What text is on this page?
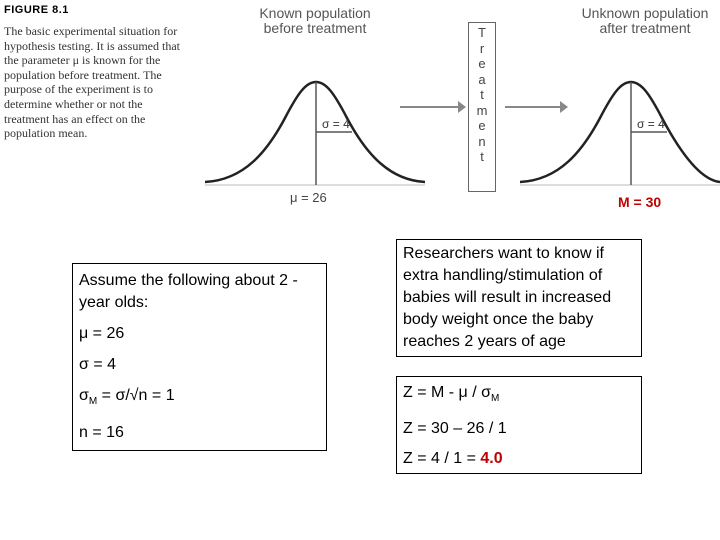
FIGURE 8.1
The basic experimental situation for hypothesis testing. It is assumed that the parameter μ is known for the population before treatment. The purpose of the experiment is to determine whether or not the treatment has an effect on the population mean.
Known population
before treatment
Unknown population
after treatment
σ = 4	σ = 4
μ = 26
T
r
e
a
t
m
e
n
t
M = 30
Assume the following about 2 -year olds:
μ = 26
σ = 4
$\sigma_M = \sigma/√n = 1$
n = 16
Researchers want to know if extra handling/stimulation of babies will result in increased body weight once the baby reaches 2 years of age
$Z = M - \mu / \sigma_M$
Z = 30 – 26 / 1
Z = 4 / 1 = 4.0
